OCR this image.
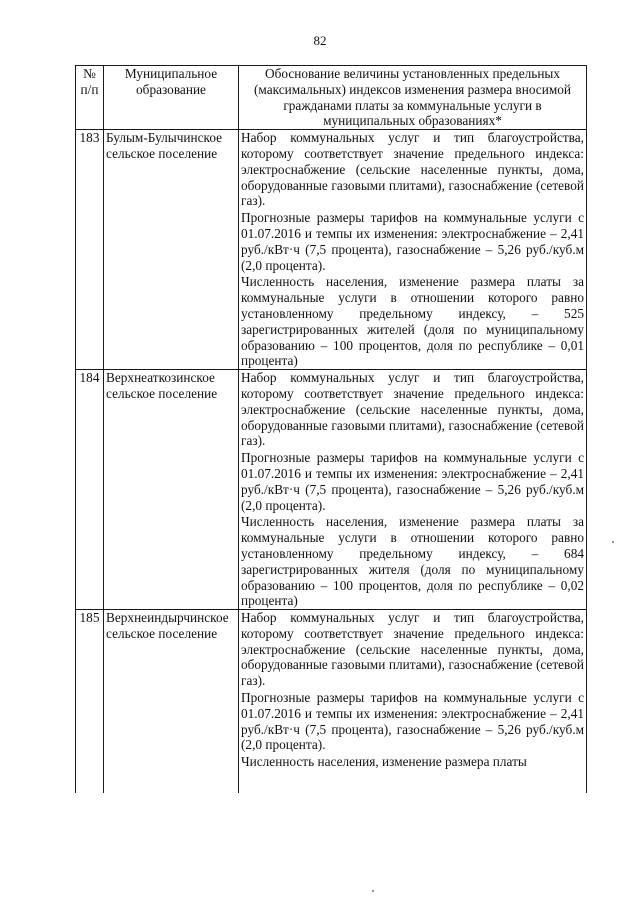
82
№ п/п	Муниципальное образование	Обоснование величины установленных предельных (максимальных) индексов изменения размера вносимой гражданами платы за коммунальные услуги в муниципальных образованиях*
183	Булым-Булычинское сельское поселение	Набор коммунальных услуг и тип благоустройства, которому соответствует значение предельного индекса: электроснабжение (сельские населенные пункты, дома, оборудованные газовыми плитами), газоснабжение (сетевой газ).

Прогнозные размеры тарифов на коммунальные услуги с 01.07.2016 и темпы их изменения: электроснабжение – 2,41 руб./кВт·ч (7,5 процента), газоснабжение – 5,26 руб./куб.м (2,0 процента).

Численность населения, изменение размера платы за коммунальные услуги в отношении которого равно установленному предельному индексу, – 525 зарегистрированных жителей (доля по муниципальному образованию – 100 процентов, доля по республике – 0,01 процента)

184	Верхнеаткозинское сельское поселение	Набор коммунальных услуг и тип благоустройства, которому соответствует значение предельного индекса: электроснабжение (сельские населенные пункты, дома, оборудованные газовыми плитами), газоснабжение (сетевой газ).

Прогнозные размеры тарифов на коммунальные услуги с 01.07.2016 и темпы их изменения: электроснабжение – 2,41 руб./кВт·ч (7,5 процента), газоснабжение – 5,26 руб./куб.м (2,0 процента).

Численность населения, изменение размера платы за коммунальные услуги в отношении которого равно установленному предельному индексу, – 684 зарегистрированных жителя (доля по муниципальному образованию – 100 процентов, доля по республике – 0,02 процента)

185	Верхнеиндырчинское сельское поселение	Набор коммунальных услуг и тип благоустройства, которому соответствует значение предельного индекса: электроснабжение (сельские населенные пункты, дома, оборудованные газовыми плитами), газоснабжение (сетевой газ).

Прогнозные размеры тарифов на коммунальные услуги с 01.07.2016 и темпы их изменения: электроснабжение – 2,41 руб./кВт·ч (7,5 процента), газоснабжение – 5,26 руб./куб.м (2,0 процента).

Численность населения, изменение размера платы
